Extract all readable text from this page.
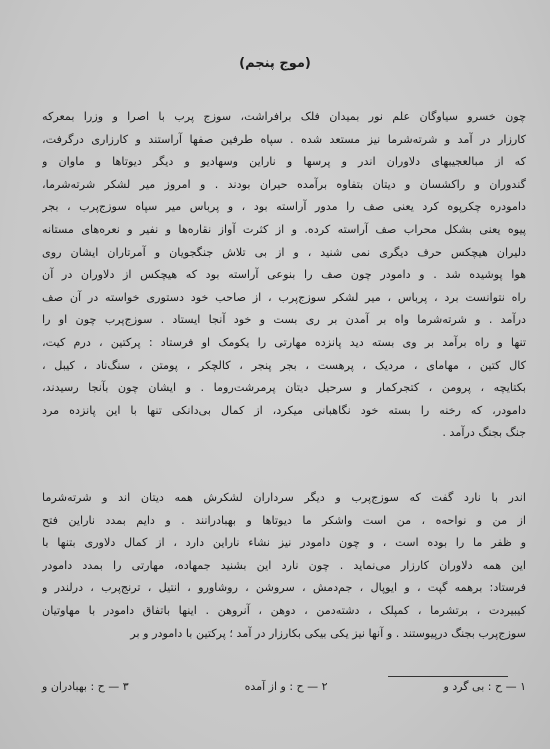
(موج پنجم)
چون خسرو سیاوگان علم نور بمیدان فلک برافراشت، سوزج پرب با اصرا و وزرا بمعرکه
کارزار در آمد و شرته‌شرما نیز مستعد شده . سپاه طرفین صفها آراستند و کارزاری درگرفت،
که از مبالعجیبهای دلاوران اندر و پرسها و ناراین وسهادیو و دیگر دیوتاها و ماوان و
گندوران و راکشسان و دیتان بتفاوه برآمده حیران بودند . و امروز میر لشکر شرته‌شرما،
دامودره چکرپوه کرد یعنی صف را مدور آراسته بود ، و پرباس میر سپاه سوزج‌پرب ، بجر
پیوه یعنی بشکل محراب صف آراسته کرده. و از کثرت آواز نقاره‌ها و نفیر و نعره‌های مستانه
دلیران هیچکس حرف دیگری نمی شنید ، و از بی تلاش جنگجویان و آمرتاران ایشان روی
هوا پوشیده شد . و دامودر چون صف را بنوعی آراسته بود که هیچکس از دلاوران در آن
راه نتوانست برد ، پرباس ، میر لشکر سوزج‌پرب ، از صاحب خود دستوری خواسته در آن صف
درآمد . و شرته‌شرما واه بر آمدن بر ری بست و خود آنجا ایستاد . سوزج‌پرب چون او را
تنها و راه برآمد بر وی بسته دید پانزده مهارتی را یکومک او فرستاد : پرکتین ، درم کیت،
کال کتین ، مهامای ، مردیک ، پرهست ، بجر پنجر ، کالچکر ، پومتن ، سنگ‌ناد ، کیبل ،
بکتایچه ، پرومن ، کتجرکمار و سرحیل دیتان پرمرشت‌روما . و ایشان چون بآنجا رسیدند،
دامودر، که رخنه را بسته خود نگاهبانی میکرد، از کمال بی‌دانکی تنها با این پانزده مرد
جنگ بجنگ درآمد .
اندر با نارد گفت که سوزج‌پرب و دیگر سرداران لشکرش همه دیتان اند و شرته‌شرما
از من و نواحه‌ه ، من است واشکر ما دیوتاها و بهبادرانند . و دایم بمدد ناراین فتح
و ظفر ما را بوده است ، و چون دامودر نیز نشاء ناراین دارد ، از کمال دلاوری بتنها با
این همه دلاوران کارزار می‌نماید . چون نارد این بشنید جمهاده، مهارتی را بمدد دامودر
فرستاد: برهمه گپت ، و ایوپال ، جم‌دمش ، سروشن ، روشاورو ، انتیل ، ترنج‌پرب ، درلندر و
کیبیردت ، برتشرما ، کمپلک ، دشته‌دمن ، دوهن ، آنروهن . اینها باتفاق دامودر با مهاوتیان
سوزج‌پرب بجنگ درپیوستند . و آنها نیز یکی بیکی بکارزار در آمد ؛ پرکتین با دامودر و بر
۱ — ح : بی گرد و
۲ — ح : و از آمده
۳ — ح : بهبادران و
